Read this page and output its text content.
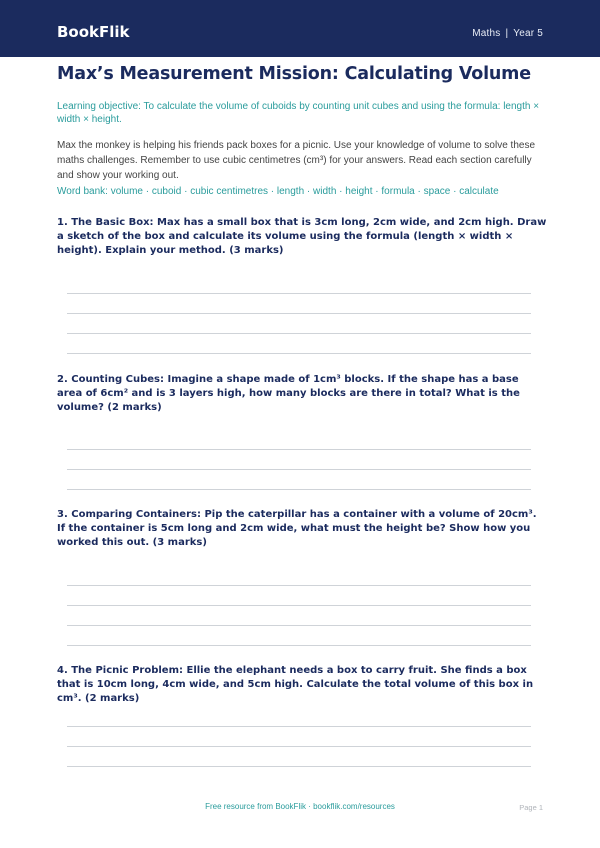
BookFlik	Maths | Year 5
Max’s Measurement Mission: Calculating Volume
Learning objective: To calculate the volume of cuboids by counting unit cubes and using the formula: length × width × height.
Max the monkey is helping his friends pack boxes for a picnic. Use your knowledge of volume to solve these maths challenges. Remember to use cubic centimetres (cm³) for your answers. Read each section carefully and show your working out.
Word bank: volume · cuboid · cubic centimetres · length · width · height · formula · space · calculate
1. The Basic Box: Max has a small box that is 3cm long, 2cm wide, and 2cm high. Draw a sketch of the box and calculate its volume using the formula (length × width × height). Explain your method. (3 marks)
2. Counting Cubes: Imagine a shape made of 1cm³ blocks. If the shape has a base area of 6cm² and is 3 layers high, how many blocks are there in total? What is the volume? (2 marks)
3. Comparing Containers: Pip the caterpillar has a container with a volume of 20cm³. If the container is 5cm long and 2cm wide, what must the height be? Show how you worked this out. (3 marks)
4. The Picnic Problem: Ellie the elephant needs a box to carry fruit. She finds a box that is 10cm long, 4cm wide, and 5cm high. Calculate the total volume of this box in cm³. (2 marks)
Free resource from BookFlik · bookflik.com/resources	Page 1
